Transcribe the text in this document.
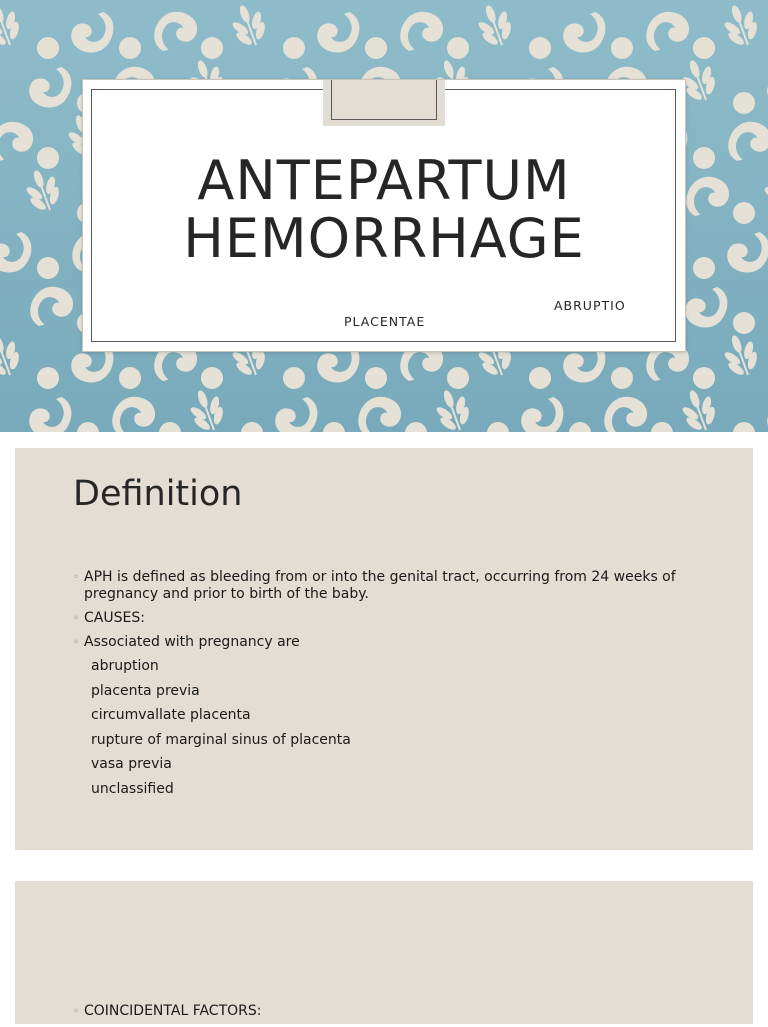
ANTEPARTUM
HEMORRHAGE
ABRUPTIO
PLACENTAE
Definition
◦ APH is defined as bleeding from or into the genital tract, occurring from 24 weeks of pregnancy and prior to birth of the baby.
◦ CAUSES:
◦ Associated with pregnancy are
abruption
placenta previa
circumvallate placenta
rupture of marginal sinus of placenta
vasa previa
unclassified
◦ COINCIDENTAL FACTORS:
